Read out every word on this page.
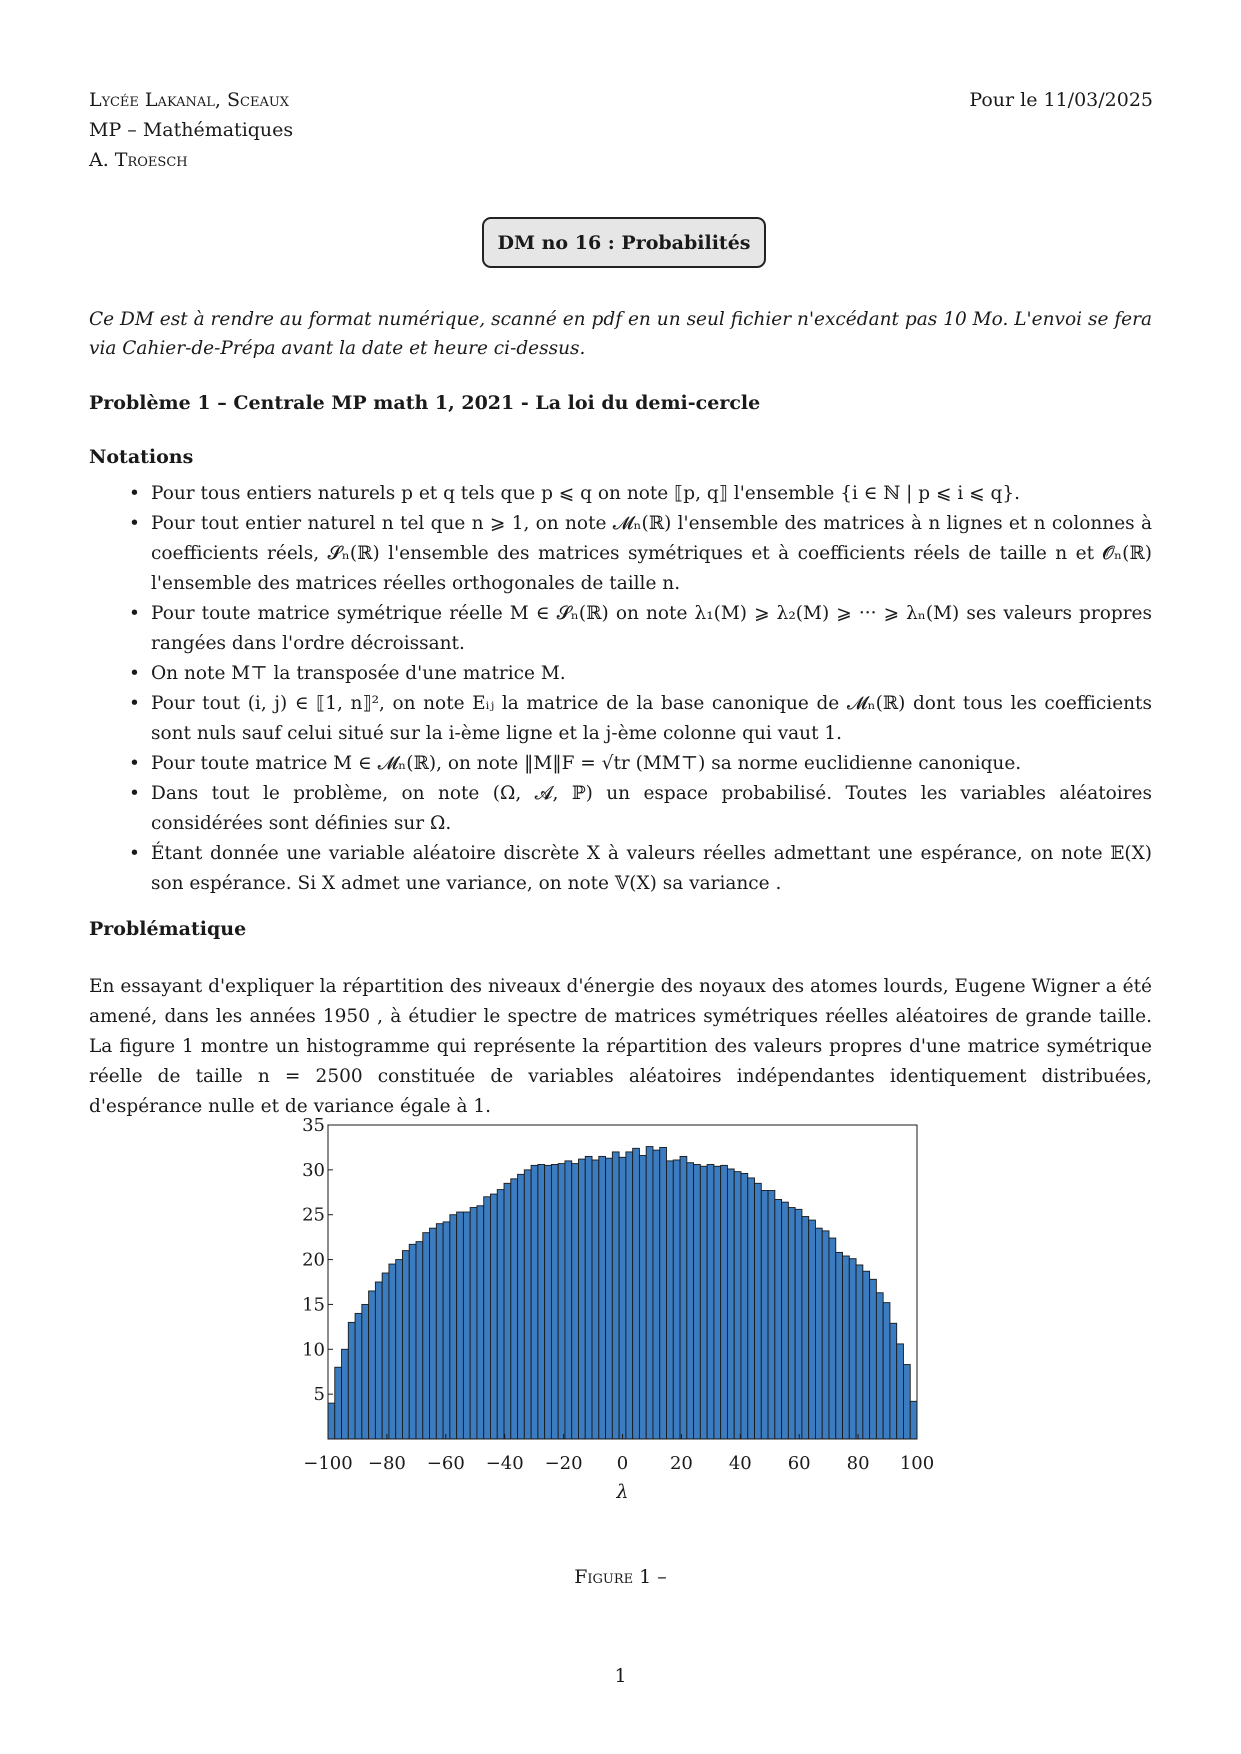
Lycée Lakanal, Sceaux
MP – Mathématiques
A. Troesch
Pour le 11/03/2025
DM no 16 : Probabilités
Ce DM est à rendre au format numérique, scanné en pdf en un seul fichier n'excédant pas 10 Mo. L'envoi se fera via Cahier-de-Prépa avant la date et heure ci-dessus.
Problème 1 – Centrale MP math 1, 2021 - La loi du demi-cercle
Notations
• Pour tous entiers naturels p et q tels que p ⩽ q on note ⟦p, q⟧ l'ensemble {i ∈ ℕ | p ⩽ i ⩽ q}.
• Pour tout entier naturel n tel que n ⩾ 1, on note 𝓜ₙ(ℝ) l'ensemble des matrices à n lignes et n colonnes à coefficients réels, 𝓢ₙ(ℝ) l'ensemble des matrices symétriques et à coefficients réels de taille n et 𝓞ₙ(ℝ) l'ensemble des matrices réelles orthogonales de taille n.
• Pour toute matrice symétrique réelle M ∈ 𝓢ₙ(ℝ) on note λ₁(M) ⩾ λ₂(M) ⩾ ··· ⩾ λₙ(M) ses valeurs propres rangées dans l'ordre décroissant.
• On note M⊤ la transposée d'une matrice M.
• Pour tout (i, j) ∈ ⟦1, n⟧², on note Eᵢⱼ la matrice de la base canonique de 𝓜ₙ(ℝ) dont tous les coefficients sont nuls sauf celui situé sur la i-ème ligne et la j-ème colonne qui vaut 1.
• Pour toute matrice M ∈ 𝓜ₙ(ℝ), on note ‖M‖F = √tr (MM⊤) sa norme euclidienne canonique.
• Dans tout le problème, on note (Ω, 𝓐, ℙ) un espace probabilisé. Toutes les variables aléatoires considérées sont définies sur Ω.
• Étant donnée une variable aléatoire discrète X à valeurs réelles admettant une espérance, on note 𝔼(X) son espérance. Si X admet une variance, on note 𝕍(X) sa variance .
Problématique
En essayant d'expliquer la répartition des niveaux d'énergie des noyaux des atomes lourds, Eugene Wigner a été amené, dans les années 1950 , à étudier le spectre de matrices symétriques réelles aléatoires de grande taille. La figure 1 montre un histogramme qui représente la répartition des valeurs propres d'une matrice symétrique réelle de taille n = 2500 constituée de variables aléatoires indépendantes identiquement distribuées, d'espérance nulle et de variance égale à 1.
5
10
15
20
25
30
35
−100 −80 −60 −40 −20 0 20 40 60 80 100
λ
Figure 1 –
1
